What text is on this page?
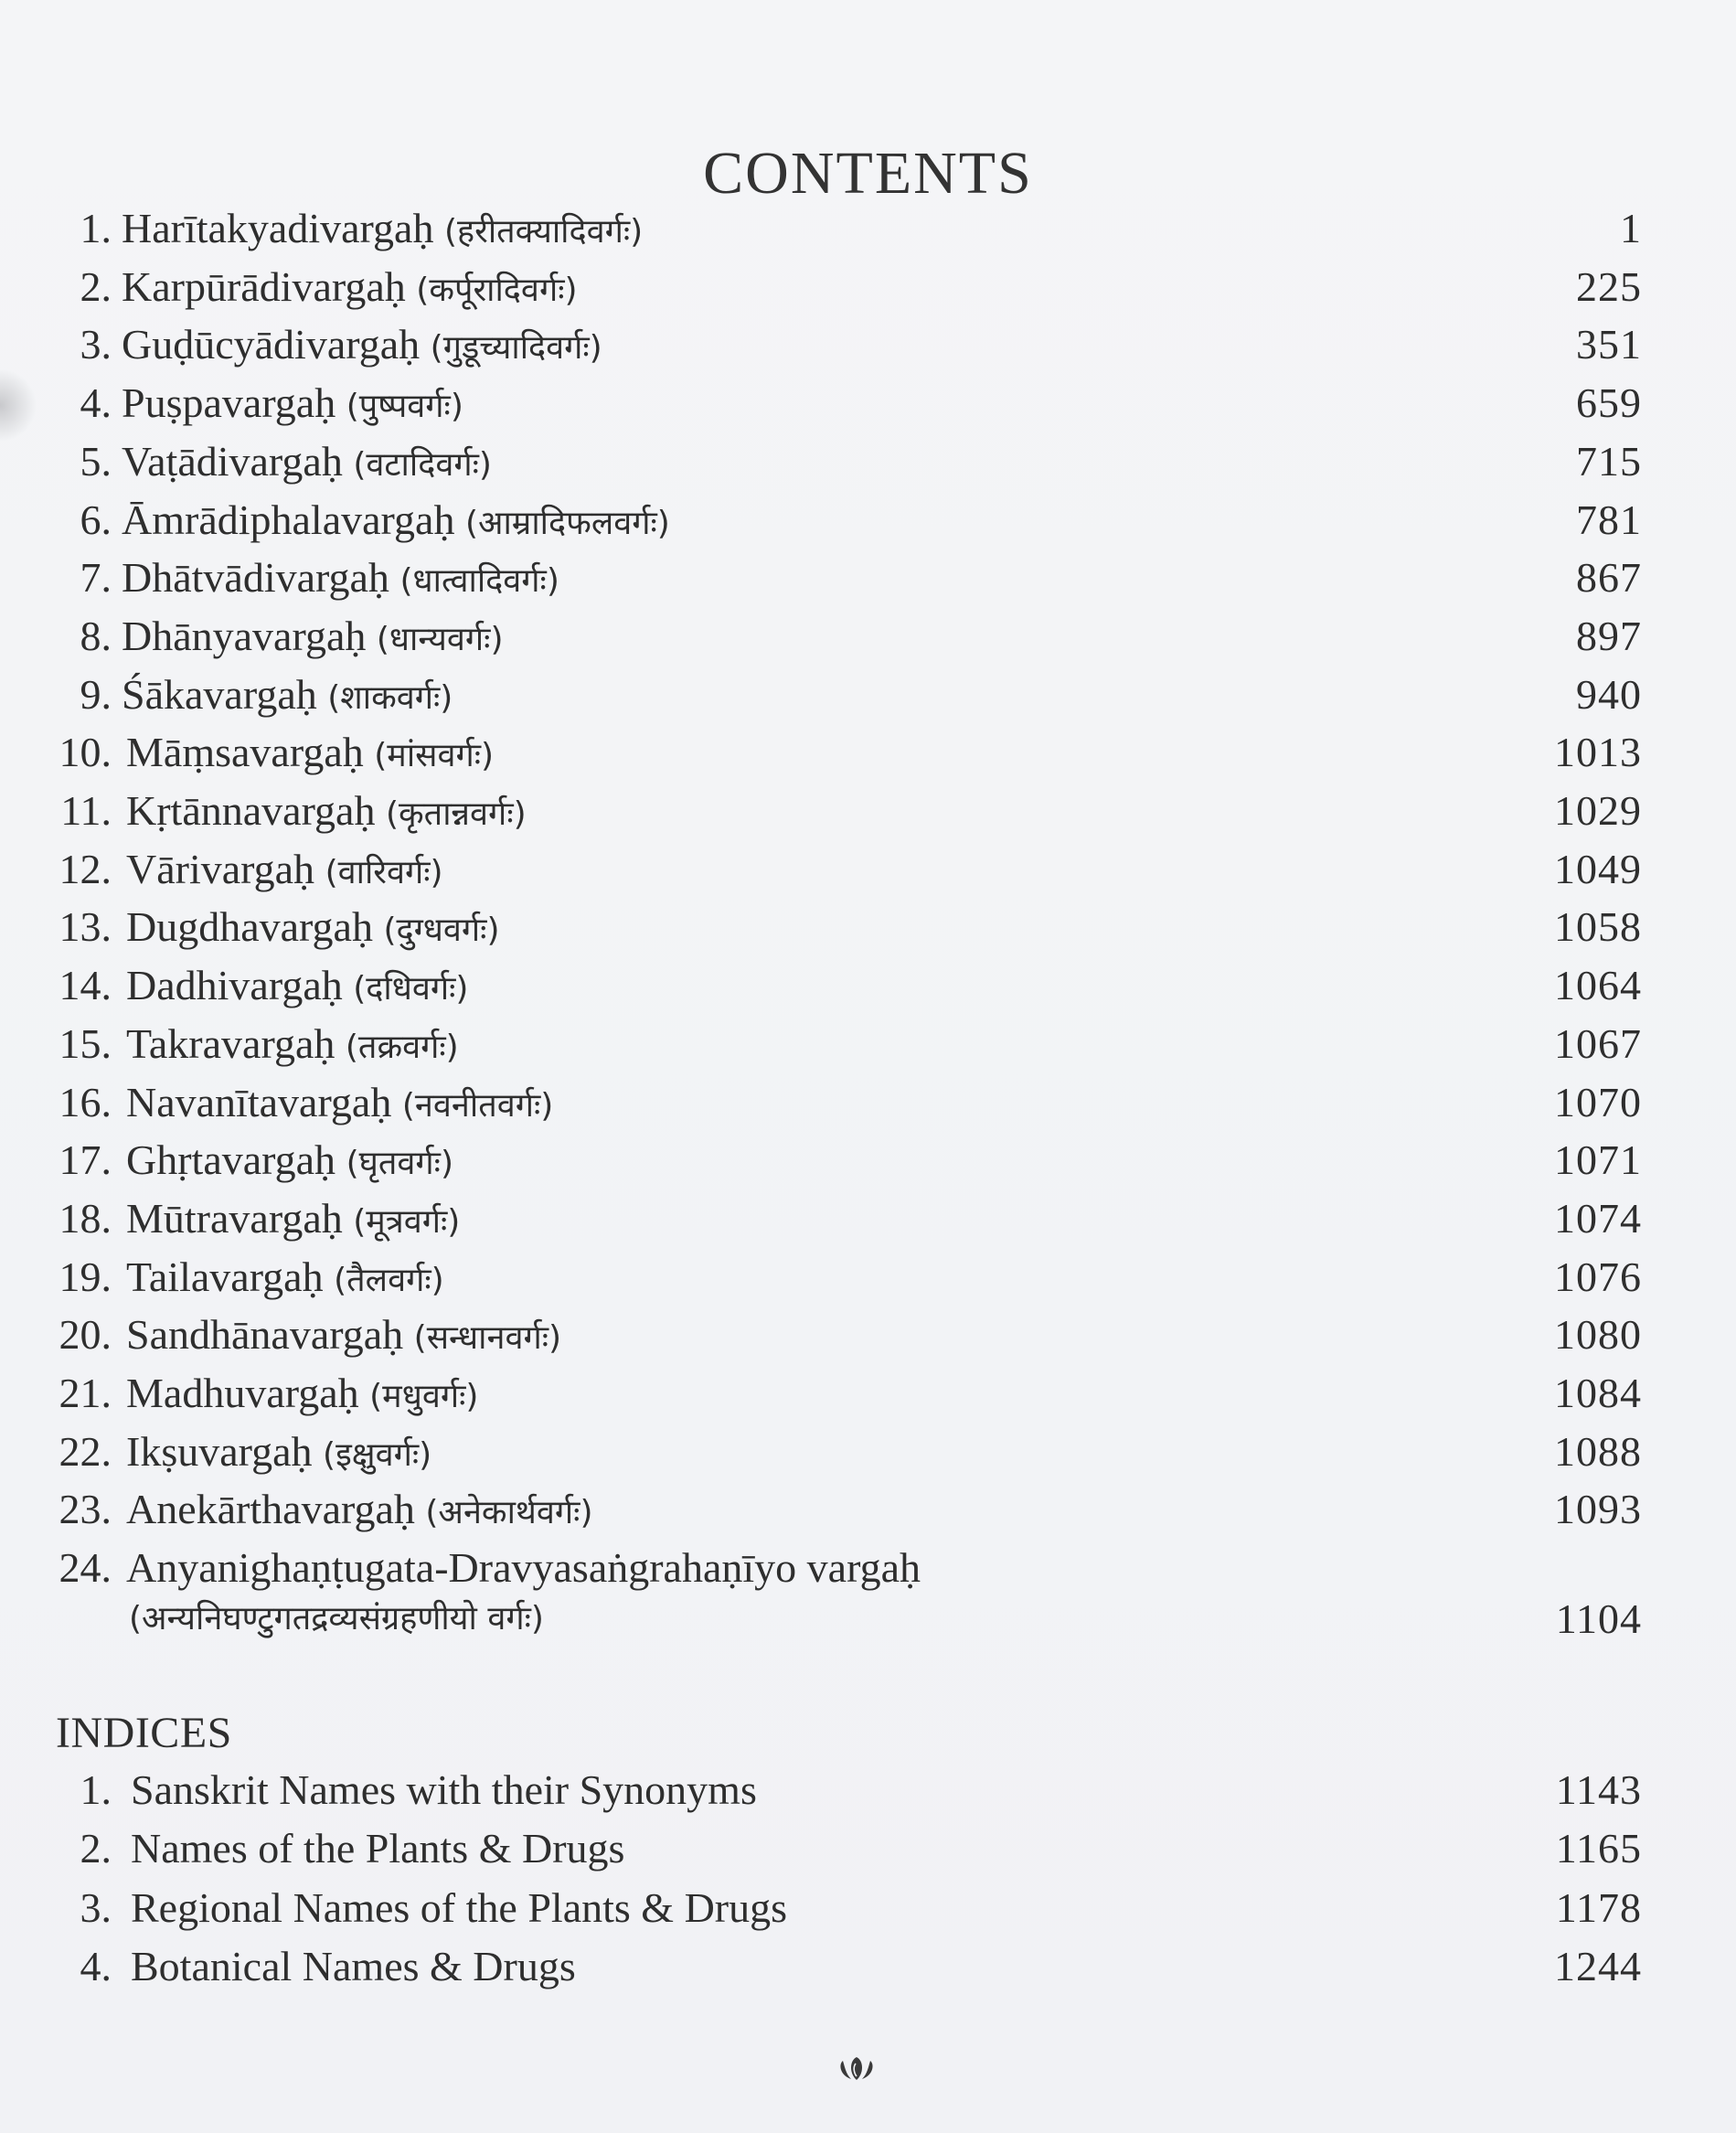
CONTENTS
1. Harītakyadivargaḥ (हरीतक्यादिवर्गः)	1
2. Karpūrādivargaḥ (कर्पूरादिवर्गः)	225
3. Guḍūcyādivargaḥ (गुडूच्यादिवर्गः)	351
4. Puṣpavargaḥ (पुष्पवर्गः)	659
5. Vaṭādivargaḥ (वटादिवर्गः)	715
6. Āmrādiphalavargaḥ (आम्रादिफलवर्गः)	781
7. Dhātvādivargaḥ (धात्वादिवर्गः)	867
8. Dhānyavargaḥ (धान्यवर्गः)	897
9. Śākavargaḥ (शाकवर्गः)	940
10. Māṃsavargaḥ (मांसवर्गः)	1013
11. Kṛtānnavargaḥ (कृतान्नवर्गः)	1029
12. Vārivargaḥ (वारिवर्गः)	1049
13. Dugdhavargaḥ (दुग्धवर्गः)	1058
14. Dadhivargaḥ (दधिवर्गः)	1064
15. Takravargaḥ (तक्रवर्गः)	1067
16. Navanītavargaḥ (नवनीतवर्गः)	1070
17. Ghṛtavargaḥ (घृतवर्गः)	1071
18. Mūtravargaḥ (मूत्रवर्गः)	1074
19. Tailavargaḥ (तैलवर्गः)	1076
20. Sandhānavargaḥ (सन्धानवर्गः)	1080
21. Madhuvargaḥ (मधुवर्गः)	1084
22. Ikṣuvargaḥ (इक्षुवर्गः)	1088
23. Anekārthavargaḥ (अनेकार्थवर्गः)	1093
24. Anyanighaṇṭugata-Dravyasaṅgrahaṇīyo vargaḥ
(अन्यनिघण्टुगतद्रव्यसंग्रहणीयो वर्गः)	1104
INDICES
1. Sanskrit Names with their Synonyms	1143
2. Names of the Plants & Drugs	1165
3. Regional Names of the Plants & Drugs	1178
4. Botanical Names & Drugs	1244
